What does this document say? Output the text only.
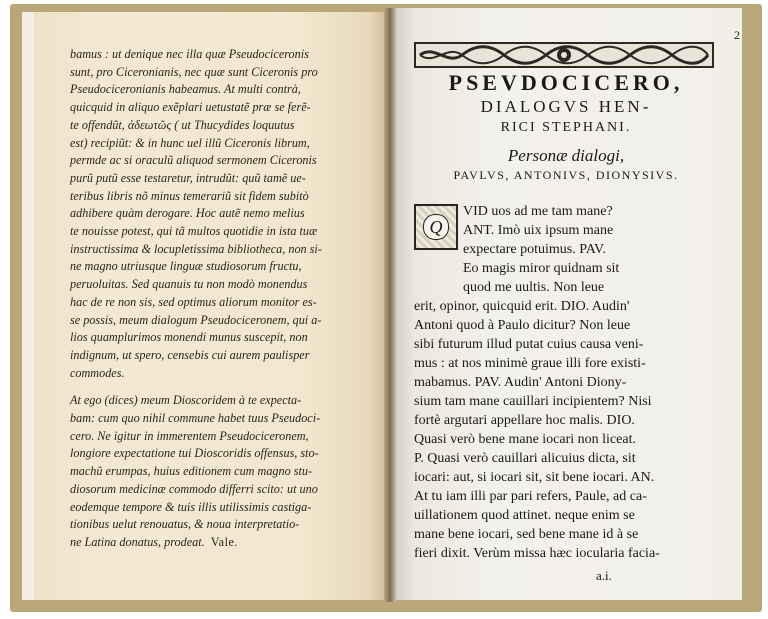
bamus : ut denique nec illa quæ Pseudociceronis
sunt, pro Ciceronianis, nec quæ sunt Ciceronis pro
Pseudociceronianis habeamus. At multi contrà,
quicquid in aliquo exẽplari uetustatẽ præ se ferẽ-
te offendũt, ἀδεωτῶς ( ut Thucydides loquutus
est) recipiũt: & in hunc uel illũ Ciceronis librum,
permde ac si oraculũ aliquod sermonem Ciceronis
purũ putũ esse testaretur, intrudũt: quũ tamẽ ue-
teribus libris nõ minus temerariũ sit fidem subitò
adhibere quàm derogare. Hoc autẽ nemo melius
te nouisse potest, qui tã multos quotidie in ista tuæ
instructissima & locupletissima bibliotheca, non si-
ne magno utriusque linguæ studiosorum fructu,
peruoluitas. Sed quanuis tu non modò monendus
hac de re non sis, sed optimus aliorum monitor es-
se possis, meum dialogum Pseudociceronem, qui a-
lios quamplurimos monendi munus suscepit, non
indignum, ut spero, censebis cui aurem paulisper
commodes.

At ego (dices) meum Dioscoridem à te expecta-
bam: cum quo nihil commune habet tuus Pseudoci-
cero. Ne igitur in immerentem Pseudociceronem,
longiore expectatione tui Dioscoridis offensus, sto-
machũ erumpas, huius editionem cum magno stu-
diosorum medicinæ commodo differri scito: ut uno
eodemque tempore & tuis illis utilissimis castiga-
tionibus uelut renouatus, & noua interpretatio-
ne Latina donatus, prodeat. Vale.

2
PSEVDOCICERO,
DIALOGVS HEN-
RICI STEPHANI.
Personæ dialogi,
PAVLVS, ANTONIVS, DIONYSIVS.
Q
VID uos ad me tam mane?
ANT. Imò uix ipsum mane
expectare potuimus. PAV.
Eo magis miror quidnam sit
quod me uultis. Non leue
erit, opinor, quicquid erit. DIO. Audin'
Antoni quod à Paulo dicitur? Non leue
sibi futurum illud putat cuius causa veni-
mus : at nos minimè graue illi fore existi-
mabamus. PAV. Audin' Antoni Diony-
sium tam mane cauillari incipientem? Nisi
fortè argutari appellare hoc malis. DIO.
Quasi verò bene mane iocari non liceat.
P. Quasi verò cauillari alicuius dicta, sit
iocari: aut, si iocari sit, sit bene iocari. AN.
At tu iam illi par pari refers, Paule, ad ca-
uillationem quod attinet. neque enim se
mane bene iocari, sed bene mane id à se
fieri dixit. Verùm missa hæc iocularia facia-
a.i.
